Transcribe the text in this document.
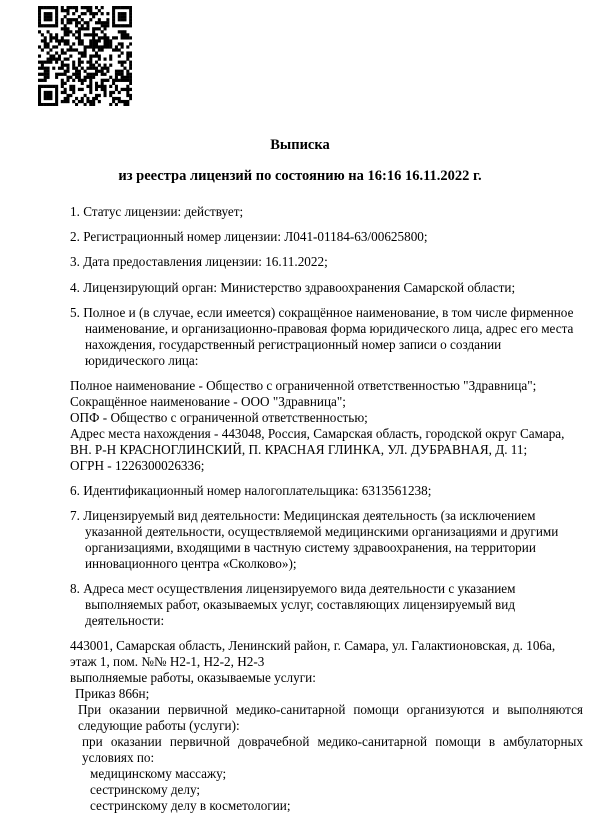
Выписка
из реестра лицензий по состоянию на 16:16 16.11.2022 г.

1. Статус лицензии: действует;

2. Регистрационный номер лицензии: Л041-01184-63/00625800;

3. Дата предоставления лицензии: 16.11.2022;

4. Лицензирующий орган: Министерство здравоохранения Самарской области;

5. Полное и (в случае, если имеется) сокращённое наименование, в том числе фирменное

наименование, и организационно-правовая форма юридического лица, адрес его места

нахождения, государственный регистрационный номер записи о создании

юридического лица:

Полное наименование - Общество с ограниченной ответственностью "Здравница";

Сокращённое наименование - ООО "Здравница";

ОПФ - Общество с ограниченной ответственностью;

Адрес места нахождения - 443048, Россия, Самарская область, городской округ Самара,

ВН. Р-Н КРАСНОГЛИНСКИЙ, П. КРАСНАЯ ГЛИНКА, УЛ. ДУБРАВНАЯ, Д. 11;

ОГРН - 1226300026336;

6. Идентификационный номер налогоплательщика: 6313561238;

7. Лицензируемый вид деятельности: Медицинская деятельность (за исключением

указанной деятельности, осуществляемой медицинскими организациями и другими

организациями, входящими в частную систему здравоохранения, на территории

инновационного центра «Сколково»);

8. Адреса мест осуществления лицензируемого вида деятельности с указанием

выполняемых работ, оказываемых услуг, составляющих лицензируемый вид

деятельности:

443001, Самарская область, Ленинский район, г. Самара, ул. Галактионовская, д. 106а,

этаж 1, пом. №№ Н2-1, Н2-2, Н2-3

выполняемые работы, оказываемые услуги:

Приказ 866н;

При оказании первичной медико-санитарной помощи организуются и выполняются

следующие работы (услуги):

при оказании первичной доврачебной медико-санитарной помощи в амбулаторных

условиях по:

медицинскому массажу;

сестринскому делу;

сестринскому делу в косметологии;
